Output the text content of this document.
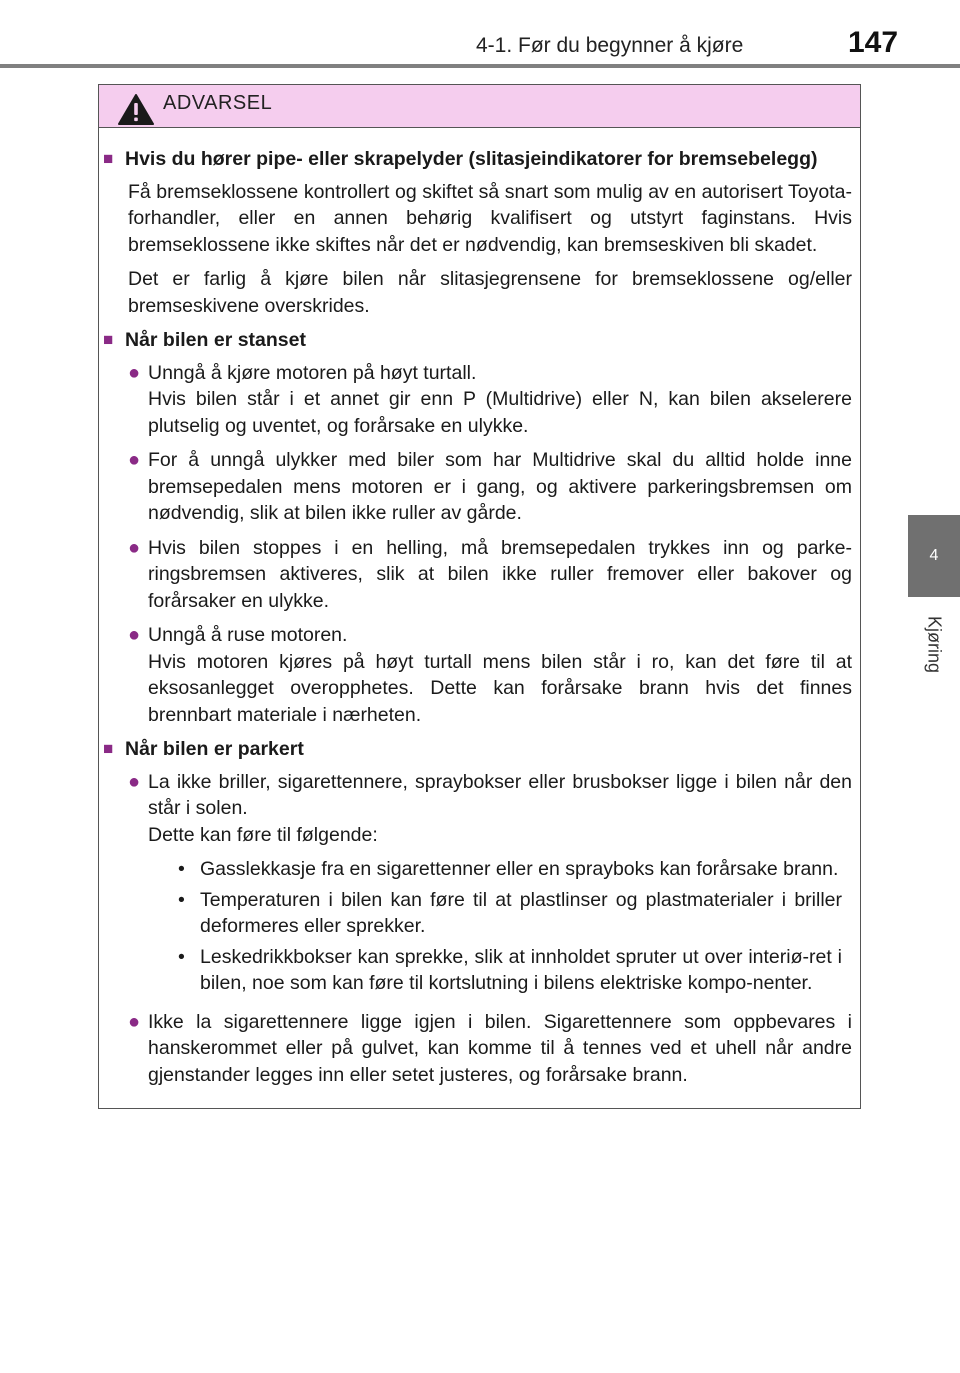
4-1. Før du begynner å kjøre	147
4
Kjøring
ADVARSEL
■ Hvis du hører pipe- eller skrapelyder (slitasjeindikatorer for bremsebelegg)
Få bremseklossene kontrollert og skiftet så snart som mulig av en autorisert Toyota-forhandler, eller en annen behørig kvalifisert og utstyrt faginstans. Hvis bremseklossene ikke skiftes når det er nødvendig, kan bremseskiven bli skadet.
Det er farlig å kjøre bilen når slitasjegrensene for bremseklossene og/eller bremseskivene overskrides.
■ Når bilen er stanset
● Unngå å kjøre motoren på høyt turtall.
Hvis bilen står i et annet gir enn P (Multidrive) eller N, kan bilen akselerere plutselig og uventet, og forårsake en ulykke.
● For å unngå ulykker med biler som har Multidrive skal du alltid holde inne bremsepedalen mens motoren er i gang, og aktivere parkeringsbremsen om nødvendig, slik at bilen ikke ruller av gårde.
● Hvis bilen stoppes i en helling, må bremsepedalen trykkes inn og parke-ringsbremsen aktiveres, slik at bilen ikke ruller fremover eller bakover og forårsaker en ulykke.
● Unngå å ruse motoren.
Hvis motoren kjøres på høyt turtall mens bilen står i ro, kan det føre til at eksosanlegget overopphetes. Dette kan forårsake brann hvis det finnes brennbart materiale i nærheten.
■ Når bilen er parkert
● La ikke briller, sigarettennere, spraybokser eller brusbokser ligge i bilen når den står i solen.
Dette kan føre til følgende:
• Gasslekkasje fra en sigarettenner eller en sprayboks kan forårsake brann.
• Temperaturen i bilen kan føre til at plastlinser og plastmaterialer i briller deformeres eller sprekker.
• Leskedrikkbokser kan sprekke, slik at innholdet spruter ut over interiø-ret i bilen, noe som kan føre til kortslutning i bilens elektriske kompo-nenter.
● Ikke la sigarettennere ligge igjen i bilen. Sigarettennere som oppbevares i hanskerommet eller på gulvet, kan komme til å tennes ved et uhell når andre gjenstander legges inn eller setet justeres, og forårsake brann.
